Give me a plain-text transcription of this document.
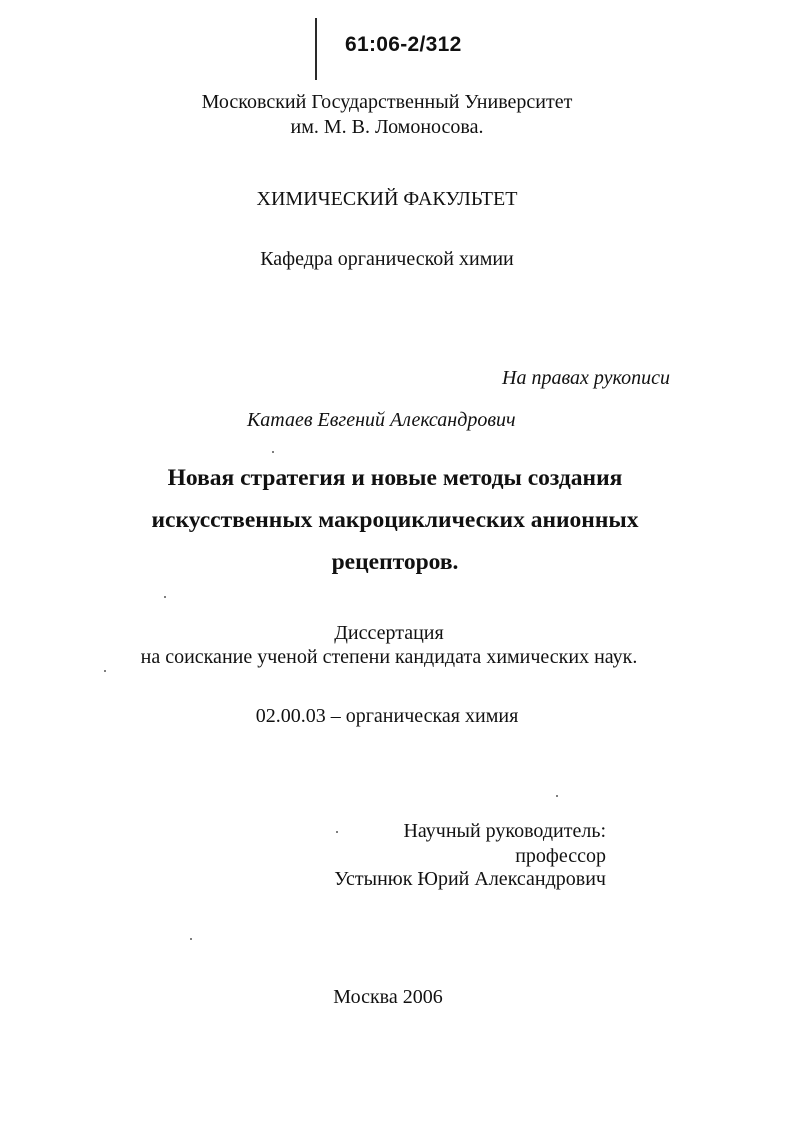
61:06-2/312
Московский Государственный Университет
им. М. В. Ломоносова.
ХИМИЧЕСКИЙ ФАКУЛЬТЕТ
Кафедра органической химии
На правах рукописи
Катаев Евгений Александрович
Новая стратегия и новые методы создания
искусственных макроциклических анионных
рецепторов.
Диссертация
на соискание ученой степени кандидата химических наук.
02.00.03 – органическая химия
Научный руководитель:
профессор
Устынюк Юрий Александрович
Москва 2006
